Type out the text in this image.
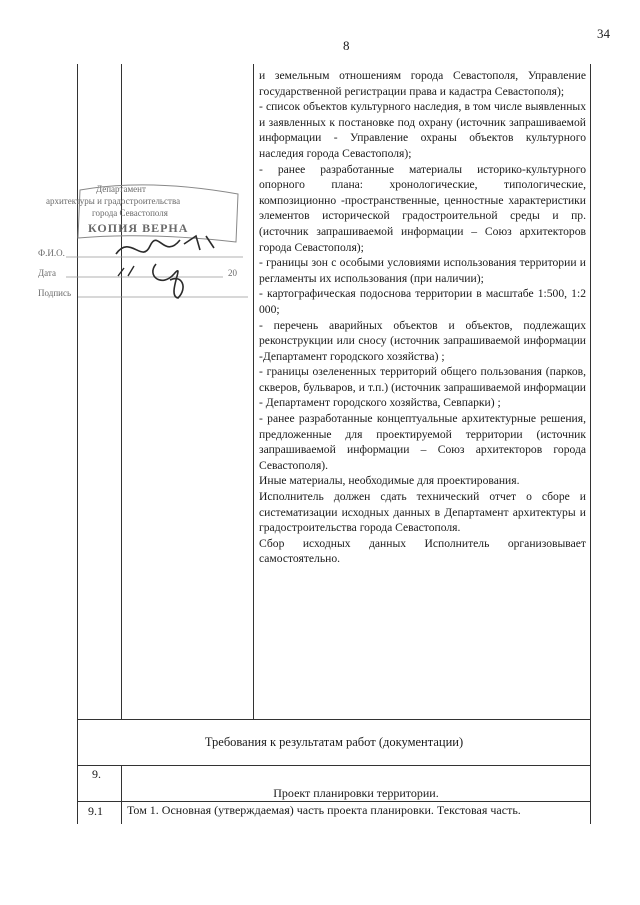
34
8

и земельным отношениям города Севастополя, Управление государственной регистрации права и кадастра Севастополя);

- список объектов культурного наследия, в том числе выявленных и заявленных к постановке под охрану (источник запрашиваемой информации - Управление охраны объектов культурного наследия города Севастополя);

- ранее разработанные материалы историко-культурного опорного плана: хронологические, типологические, композиционно -пространственные, ценностные характеристики элементов исторической градостроительной среды и пр. (источник запрашиваемой информации – Союз архитекторов города Севастополя);

- границы зон с особыми условиями использования территории и регламенты их использования (при наличии);

- картографическая подоснова территории в масштабе 1:500, 1:2 000;

- перечень аварийных объектов и объектов, подлежащих реконструкции или сносу (источник запрашиваемой информации -Департамент городского хозяйства) ;

- границы озелененных территорий общего пользования (парков, скверов, бульваров, и т.п.) (источник запрашиваемой информации - Департамент городского хозяйства, Севпарки) ;

- ранее разработанные концептуальные архитектурные решения, предложенные для проектируемой территории (источник запрашиваемой информации – Союз архитекторов города Севастополя).

Иные материалы, необходимые для проектирования.

Исполнитель должен сдать технический отчет о сборе и систематизации исходных данных в Департамент архитектуры и градостроительства города Севастополя.

Сбор исходных данных Исполнитель организовывает самостоятельно.

Департамент
архитектуры и градостроительства
города Севастополя
КОПИЯ ВЕРНА
Ф.И.О.
Дата	20
Подпись
Требования к результатам работ (документации)
9.
Проект планировки территории.
9.1 Том 1. Основная (утверждаемая) часть проекта планировки. Текстовая часть.
